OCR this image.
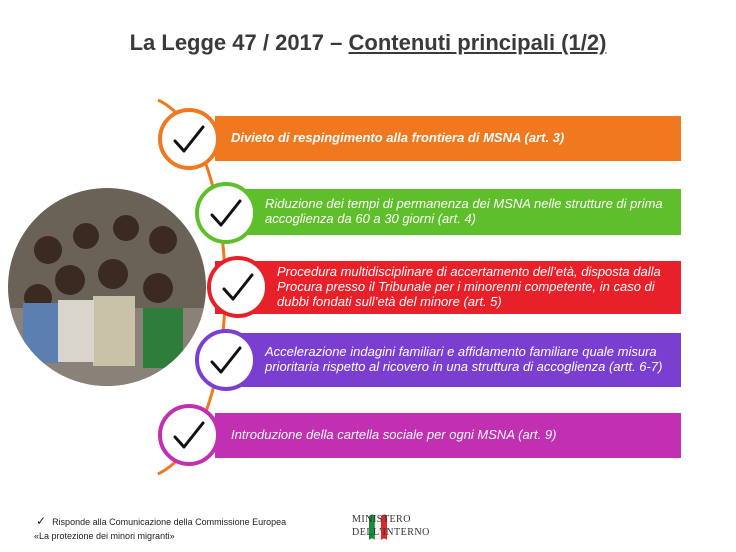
La Legge 47 / 2017 – Contenuti principali (1/2)
Divieto di respingimento alla frontiera di MSNA (art. 3)
Riduzione dei tempi di permanenza dei MSNA nelle strutture di prima accoglienza da 60 a 30 giorni (art. 4)
Procedura multidisciplinare di accertamento dell’età, disposta dalla Procura presso il Tribunale per i minorenni competente, in caso di dubbi fondati sull’età del minore (art. 5)
Accelerazione indagini familiari e affidamento familiare quale misura prioritaria rispetto al ricovero in una struttura di accoglienza (artt. 6-7)
Introduzione della cartella sociale per ogni MSNA (art. 9)
✓ Risponde alla Comunicazione della Commissione Europea
«La protezione dei minori migranti»
MINISTERO
DELL’INTERNO
